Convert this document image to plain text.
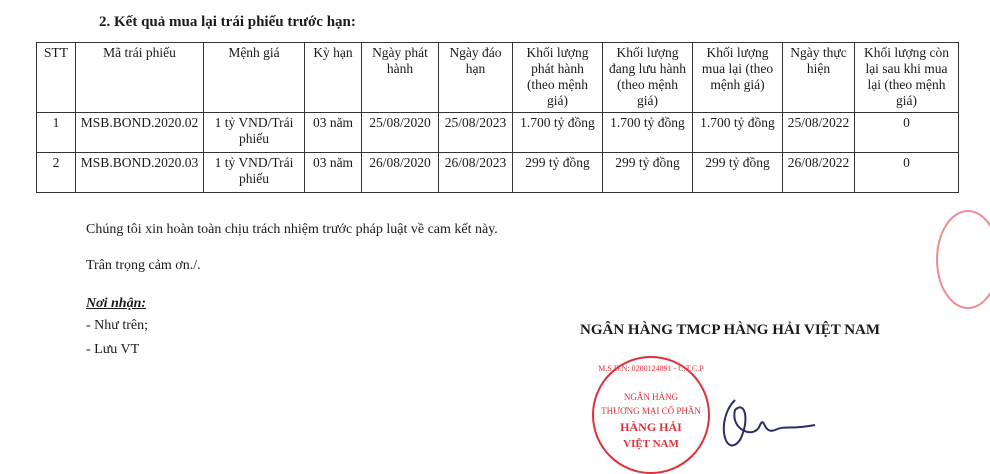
2. Kết quả mua lại trái phiếu trước hạn:
STT	Mã trái phiếu	Mệnh giá	Kỳ hạn	Ngày phát hành	Ngày đáo hạn	Khối lượng phát hành (theo mệnh giá)	Khối lượng đang lưu hành (theo mệnh giá)	Khối lượng mua lại (theo mệnh giá)	Ngày thực hiện	Khối lượng còn lại sau khi mua lại (theo mệnh giá)
1	MSB.BOND.2020.02	1 tỷ VND/Trái phiếu	03 năm	25/08/2020	25/08/2023	1.700 tỷ đồng	1.700 tỷ đồng	1.700 tỷ đồng	25/08/2022	0
2	MSB.BOND.2020.03	1 tỷ VND/Trái phiếu	03 năm	26/08/2020	26/08/2023	299 tỷ đồng	299 tỷ đồng	299 tỷ đồng	26/08/2022	0
Chúng tôi xin hoàn toàn chịu trách nhiệm trước pháp luật về cam kết này.
Trân trọng cảm ơn./.
Nơi nhận:
- Như trên;
- Lưu VT
NGÂN HÀNG TMCP HÀNG HẢI VIỆT NAM
M.S.D.N: 0200124891 - C.T.C.P
NGÂN HÀNG
THƯƠNG MẠI CỔ PHẦN
HÀNG HẢI
VIỆT NAM
